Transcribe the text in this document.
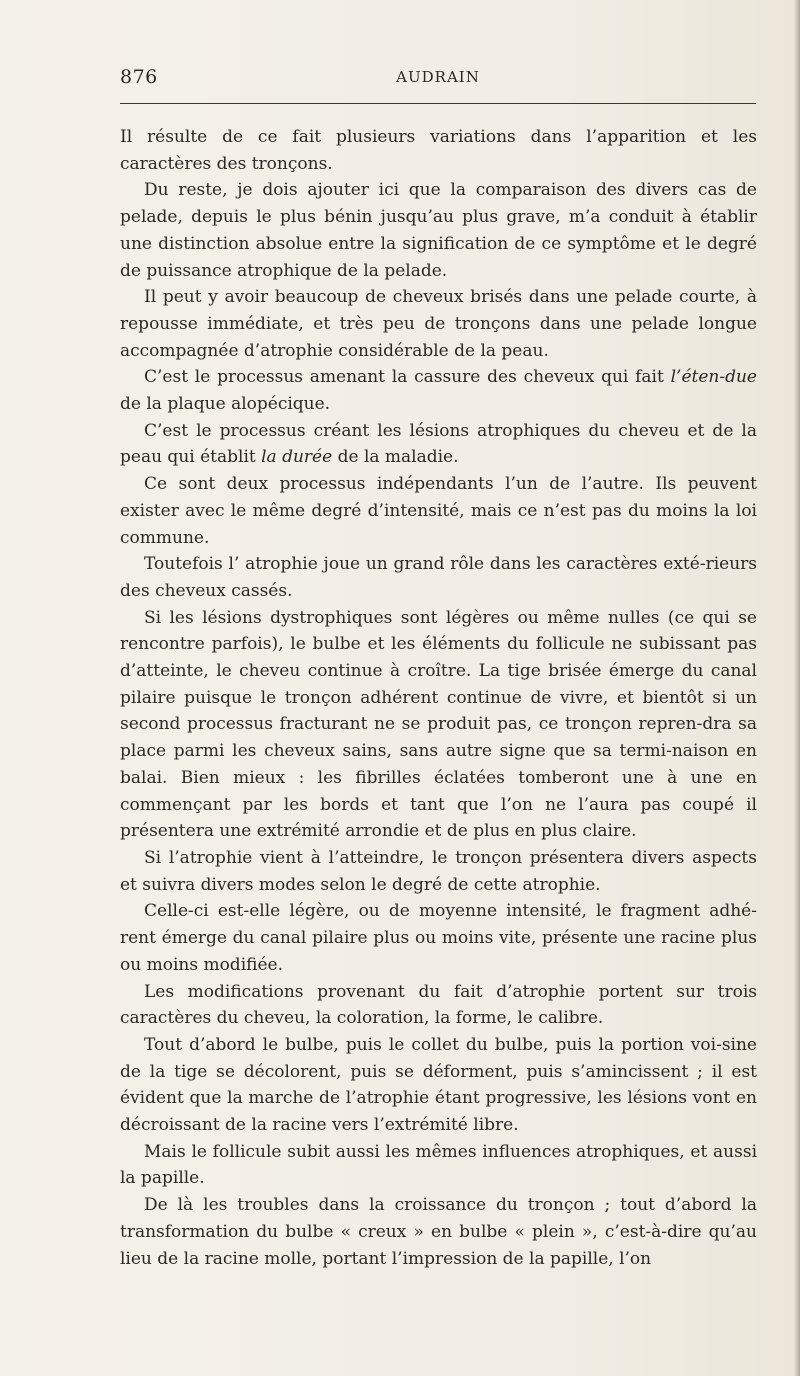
876	AUDRAIN

Il résulte de ce fait plusieurs variations dans l’apparition et les caractères des tronçons.

Du reste, je dois ajouter ici que la comparaison des divers cas de pelade, depuis le plus bénin jusqu’au plus grave, m’a conduit à établir une distinction absolue entre la signification de ce symptôme et le degré de puissance atrophique de la pelade.

Il peut y avoir beaucoup de cheveux brisés dans une pelade courte, à repousse immédiate, et très peu de tronçons dans une pelade longue accompagnée d’atrophie considérable de la peau.

C’est le processus amenant la cassure des cheveux qui fait l’éten-due de la plaque alopécique.

C’est le processus créant les lésions atrophiques du cheveu et de la peau qui établit la durée de la maladie.

Ce sont deux processus indépendants l’un de l’autre. Ils peuvent exister avec le même degré d’intensité, mais ce n’est pas du moins la loi commune.

Toutefois l’ atrophie joue un grand rôle dans les caractères exté-rieurs des cheveux cassés.

Si les lésions dystrophiques sont légères ou même nulles (ce qui se rencontre parfois), le bulbe et les éléments du follicule ne subissant pas d’atteinte, le cheveu continue à croître. La tige brisée émerge du canal pilaire puisque le tronçon adhérent continue de vivre, et bientôt si un second processus fracturant ne se produit pas, ce tronçon repren-dra sa place parmi les cheveux sains, sans autre signe que sa termi-naison en balai. Bien mieux : les fibrilles éclatées tomberont une à une en commençant par les bords et tant que l’on ne l’aura pas coupé il présentera une extrémité arrondie et de plus en plus claire.

Si l’atrophie vient à l’atteindre, le tronçon présentera divers aspects et suivra divers modes selon le degré de cette atrophie.

Celle-ci est-elle légère, ou de moyenne intensité, le fragment adhé-rent émerge du canal pilaire plus ou moins vite, présente une racine plus ou moins modifiée.

Les modifications provenant du fait d’atrophie portent sur trois caractères du cheveu, la coloration, la forme, le calibre.

Tout d’abord le bulbe, puis le collet du bulbe, puis la portion voi-sine de la tige se décolorent, puis se déforment, puis s’amincissent ; il est évident que la marche de l’atrophie étant progressive, les lésions vont en décroissant de la racine vers l’extrémité libre.

Mais le follicule subit aussi les mêmes influences atrophiques, et aussi la papille.

De là les troubles dans la croissance du tronçon ; tout d’abord la transformation du bulbe « creux » en bulbe « plein », c’est-à-dire qu’au lieu de la racine molle, portant l’impression de la papille, l’on
